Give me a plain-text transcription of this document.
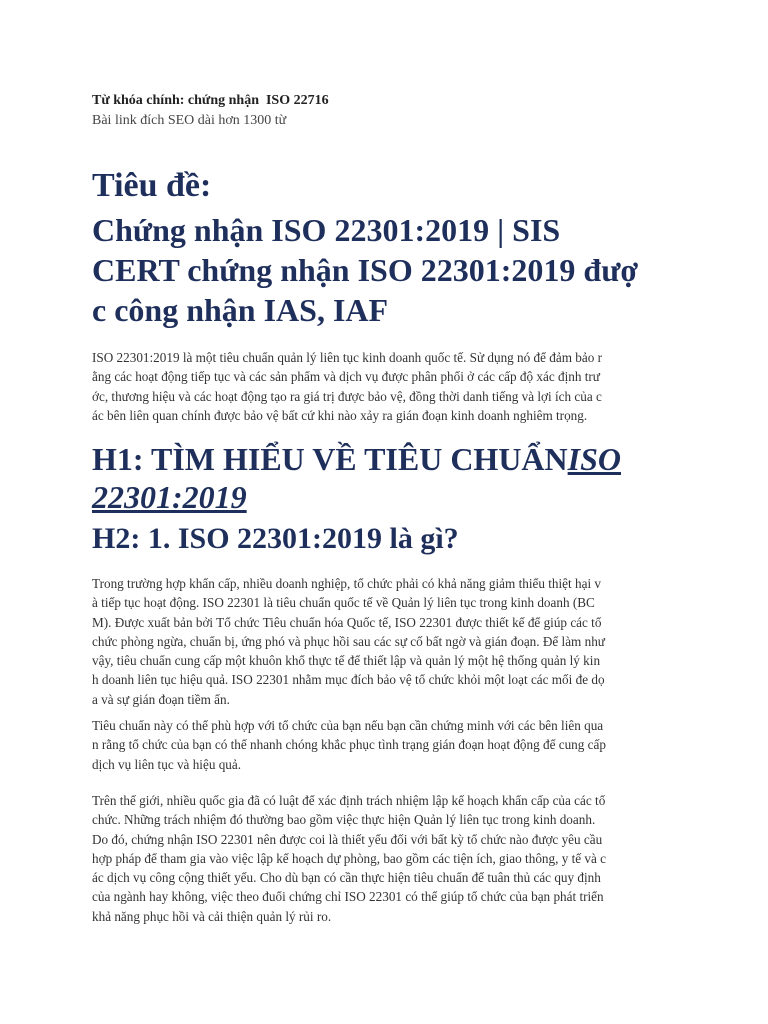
Từ khóa chính: chứng nhận  ISO 22716
Bài link đích SEO dài hơn 1300 từ
Tiêu đề:
Chứng nhận ISO 22301:2019 | SIS
CERT chứng nhận ISO 22301:2019 đượ
c công nhận IAS, IAF

ISO 22301:2019 là một tiêu chuẩn quản lý liên tục kinh doanh quốc tế. Sử dụng nó để đảm bảo r
ằng các hoạt động tiếp tục và các sản phẩm và dịch vụ được phân phối ở các cấp độ xác định trư
ớc, thương hiệu và các hoạt động tạo ra giá trị được bảo vệ, đồng thời danh tiếng và lợi ích của c
ác bên liên quan chính được bảo vệ bất cứ khi nào xảy ra gián đoạn kinh doanh nghiêm trọng.

H1: TÌM HIỂU VỀ TIÊU CHUẨNISO
22301:2019
H2: 1. ISO 22301:2019 là gì?

Trong trường hợp khẩn cấp, nhiều doanh nghiệp, tổ chức phải có khả năng giảm thiểu thiệt hại v
à tiếp tục hoạt động. ISO 22301 là tiêu chuẩn quốc tế về Quản lý liên tục trong kinh doanh (BC
M). Được xuất bản bởi Tổ chức Tiêu chuẩn hóa Quốc tế, ISO 22301 được thiết kế để giúp các tổ
chức phòng ngừa, chuẩn bị, ứng phó và phục hồi sau các sự cố bất ngờ và gián đoạn. Để làm như
vậy, tiêu chuẩn cung cấp một khuôn khổ thực tế để thiết lập và quản lý một hệ thống quản lý kin
h doanh liên tục hiệu quả. ISO 22301 nhằm mục đích bảo vệ tổ chức khỏi một loạt các mối đe dọ
a và sự gián đoạn tiềm ẩn.

Tiêu chuẩn này có thể phù hợp với tổ chức của bạn nếu bạn cần chứng minh với các bên liên qua
n rằng tổ chức của bạn có thể nhanh chóng khắc phục tình trạng gián đoạn hoạt động để cung cấp
dịch vụ liên tục và hiệu quả.

Trên thế giới, nhiều quốc gia đã có luật để xác định trách nhiệm lập kế hoạch khẩn cấp của các tổ
chức. Những trách nhiệm đó thường bao gồm việc thực hiện Quản lý liên tục trong kinh doanh.
Do đó, chứng nhận ISO 22301 nên được coi là thiết yếu đối với bất kỳ tổ chức nào được yêu cầu
hợp pháp để tham gia vào việc lập kế hoạch dự phòng, bao gồm các tiện ích, giao thông, y tế và c
ác dịch vụ công cộng thiết yếu. Cho dù bạn có cần thực hiện tiêu chuẩn để tuân thủ các quy định
của ngành hay không, việc theo đuổi chứng chỉ ISO 22301 có thể giúp tổ chức của bạn phát triển
khả năng phục hồi và cải thiện quản lý rủi ro.
